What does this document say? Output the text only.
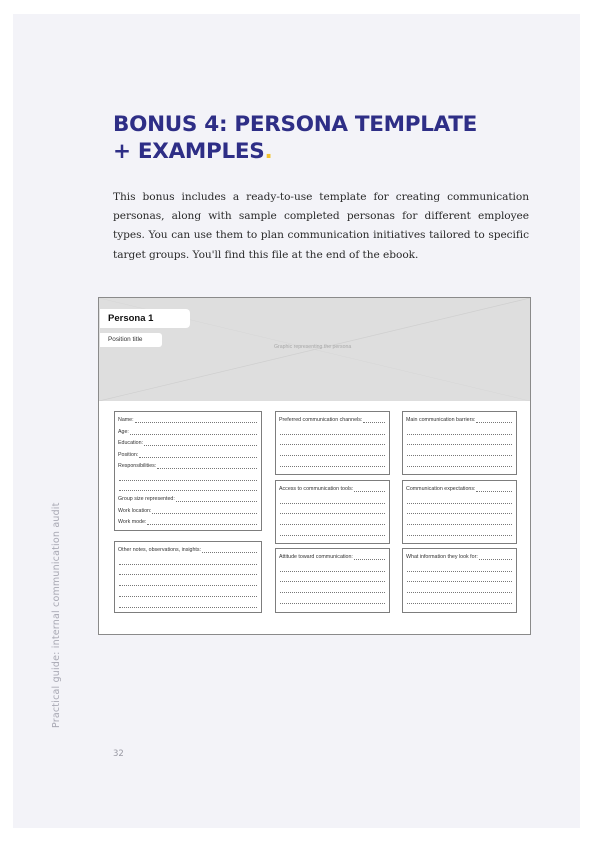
BONUS 4: PERSONA TEMPLATE
+ EXAMPLES.

This bonus includes a ready-to-use template for creating communication personas, along with sample completed personas for different employee types. You can use them to plan communication initiatives tailored to specific target groups. You'll find this file at the end of the ebook.

Persona 1
Position title
Graphic representing the persona
Name:
Age:
Education:
Position:
Responsibilities:
Group size represented:
Work location:
Work mode:
Other notes, observations, insights:
Preferred communication channels:
Access to communication tools:
Attitude toward communication:
Main communication barriers:
Communication expectations:
What information they look for:
Practical guide: internal communication audit
32
